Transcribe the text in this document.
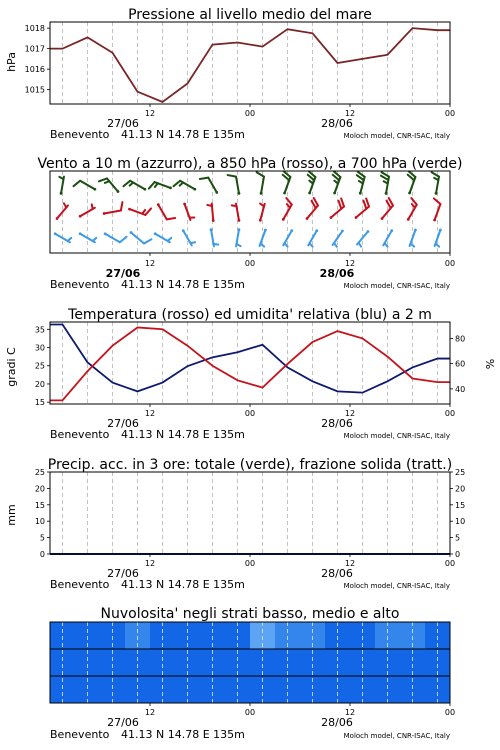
Pressione al livello medio del mare
hPa
1015
1016
1017
1018
12	00	12	00
27/06	28/06
Benevento 41.13 N 14.78 E 135m	Moloch model, CNR-ISAC, Italy
Vento a 10 m (azzurro), a 850 hPa (rosso), a 700 hPa (verde)
12	00	12	00
27/06	28/06
Benevento 41.13 N 14.78 E 135m	Moloch model, CNR-ISAC, Italy
Temperatura (rosso) ed umidita' relativa (blu) a 2 m
gradi C	%
15
20
25
30
35
40
60
80
12	00	12	00
27/06	28/06
Benevento 41.13 N 14.78 E 135m	Moloch model, CNR-ISAC, Italy
Precip. acc. in 3 ore: totale (verde), frazione solida (tratt.)
mm
0	0
5	5
10	10
15	15
20	20
25	25
12	00	12	00
27/06	28/06
Benevento 41.13 N 14.78 E 135m	Moloch model, CNR-ISAC, Italy
Nuvolosita' negli strati basso, medio e alto
12	00	12	00
27/06	28/06
Benevento 41.13 N 14.78 E 135m	Moloch model, CNR-ISAC, Italy
